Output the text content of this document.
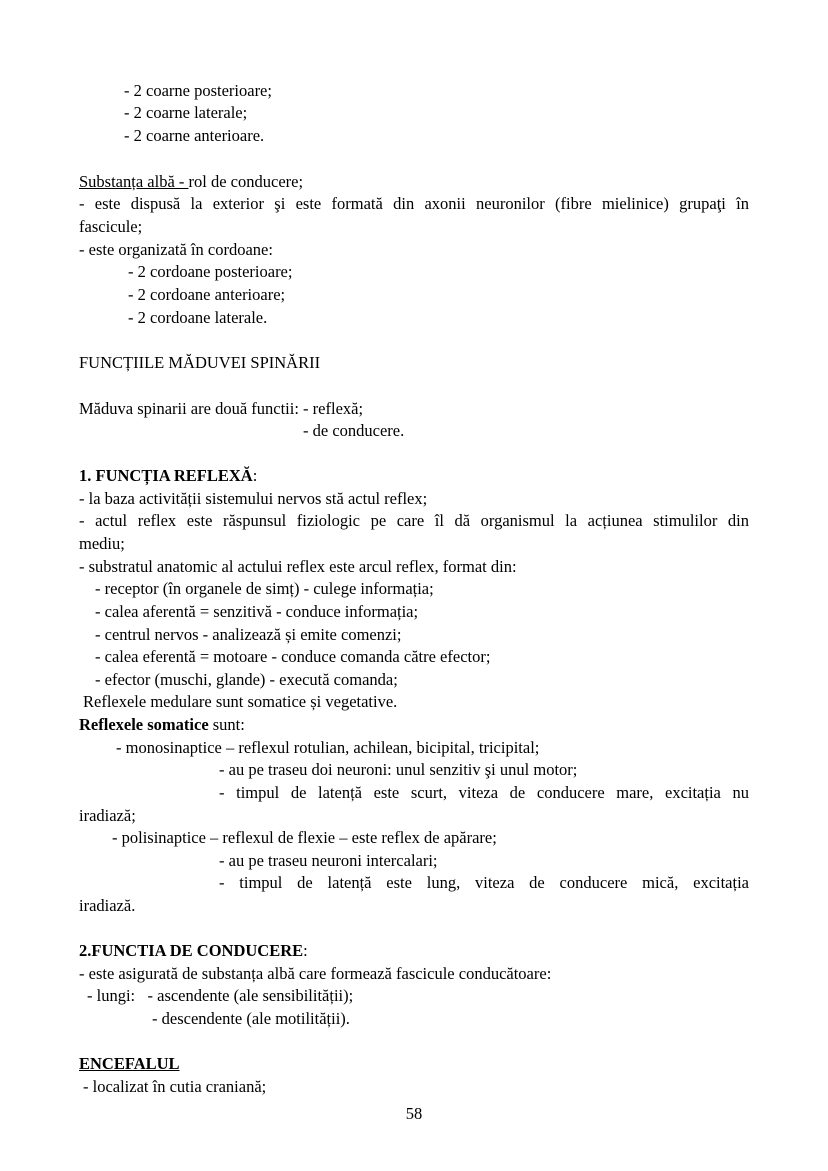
- 2 coarne posterioare;
- 2 coarne laterale;
- 2 coarne anterioare.
Substanța albă - rol de conducere;
- este dispusă la exterior şi este formată din axonii neuronilor (fibre mielinice) grupaţi în
fascicule;
- este organizată în cordoane:
- 2 cordoane posterioare;
- 2 cordoane anterioare;
- 2 cordoane laterale.
FUNCȚIILE MĂDUVEI SPINĂRII
Măduva spinarii are două functii: - reflexă;
- de conducere.
1. FUNCȚIA REFLEXĂ:
- la baza activității sistemului nervos stă actul reflex;
- actul reflex este răspunsul fiziologic pe care îl dă organismul la acțiunea stimulilor din
mediu;
- substratul anatomic al actului reflex este arcul reflex, format din:
- receptor (în organele de simț) - culege informația;
- calea aferentă = senzitivă - conduce informația;
- centrul nervos - analizează și emite comenzi;
- calea eferentă = motoare - conduce comanda către efector;
- efector (muschi, glande) - execută comanda;
Reflexele medulare sunt somatice și vegetative.
Reflexele somatice sunt:
- monosinaptice – reflexul rotulian, achilean, bicipital, tricipital;
- au pe traseu doi neuroni: unul senzitiv şi unul motor;
- timpul de latență este scurt, viteza de conducere mare, excitația nu
iradiază;
- polisinaptice – reflexul de flexie – este reflex de apărare;
- au pe traseu neuroni intercalari;
- timpul de latență este lung, viteza de conducere mică, excitația
iradiază.
2.FUNCTIA DE CONDUCERE:
- este asigurată de substanța albă care formează fascicule conducătoare:
- lungi:   - ascendente (ale sensibilității);
- descendente (ale motilității).
ENCEFALUL
- localizat în cutia craniană;
58
